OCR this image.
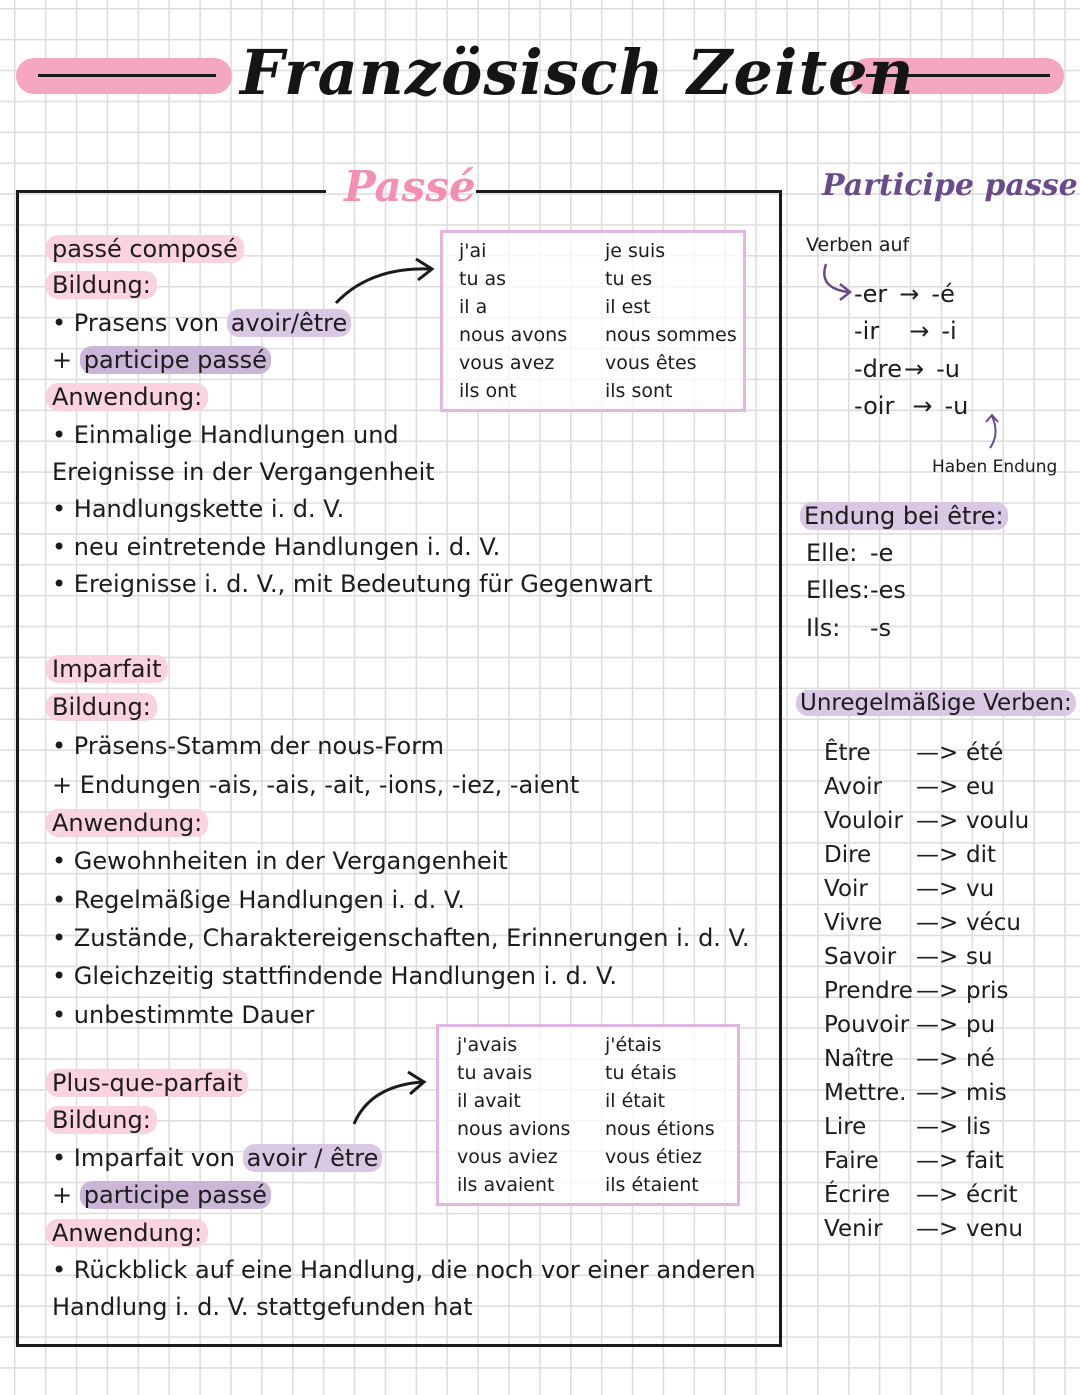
Französisch Zeiten
Passé
passé composé
Bildung:
• Prasens von avoir/être
+ participe passé
Anwendung:
• Einmalige Handlungen und
Ereignisse in der Vergangenheit
• Handlungskette i. d. V.
• neu eintretende Handlungen i. d. V.
• Ereignisse i. d. V., mit Bedeutung für Gegenwart
j'ai
tu as
il a
nous avons
vous avez
ils ont
je suis
tu es
il est
nous sommes
vous êtes
ils sont
Imparfait
Bildung:
• Präsens-Stamm der nous-Form
+ Endungen -ais, -ais, -ait, -ions, -iez, -aient
Anwendung:
• Gewohnheiten in der Vergangenheit
• Regelmäßige Handlungen i. d. V.
• Zustände, Charaktereigenschaften, Erinnerungen i. d. V.
• Gleichzeitig stattfindende Handlungen i. d. V.
• unbestimmte Dauer
Plus-que-parfait
Bildung:
• Imparfait von avoir / être
+ participe passé
Anwendung:
• Rückblick auf eine Handlung, die noch vor einer anderen
Handlung i. d. V. stattgefunden hat
j'avais
tu avais
il avait
nous avions
vous aviez
ils avaient
j'étais
tu étais
il était
nous étions
vous étiez
ils étaient
Participe passe
Verben auf
-er → -é
-ir → -i
-dre→ -u
-oir → -u
Haben Endung
Endung bei être:
Elle: -e
Elles:-es
Ils: -s
Unregelmäßige Verben:
Être —> été
Avoir —> eu
Vouloir —> voulu
Dire —> dit
Voir —> vu
Vivre —> vécu
Savoir —> su
Prendre —> pris
Pouvoir —> pu
Naître —> né
Mettre. —> mis
Lire —> lis
Faire —> fait
Écrire —> écrit
Venir —> venu
